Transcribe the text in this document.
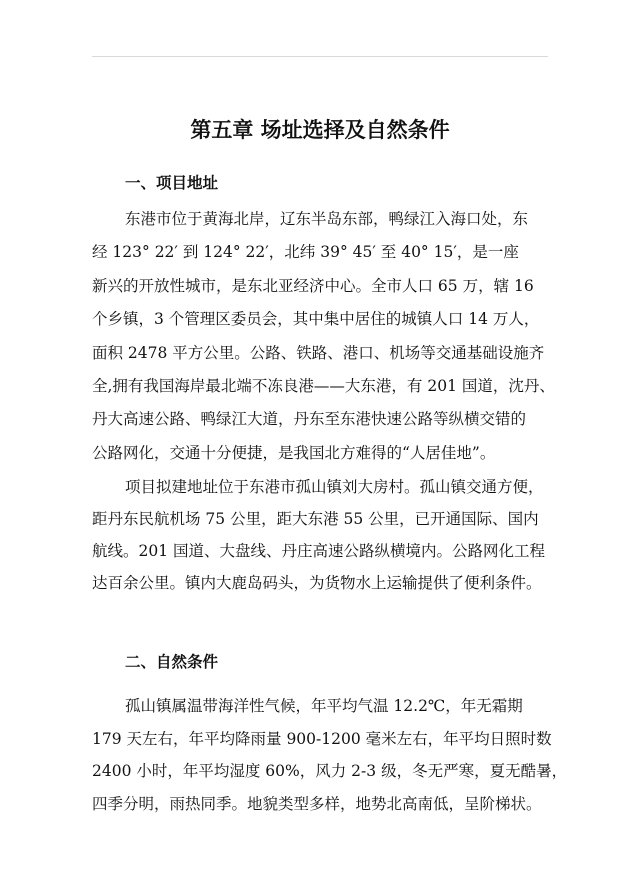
第五章 场址选择及自然条件
一、项目地址
东港市位于黄海北岸，辽东半岛东部，鸭绿江入海口处，东
经 123° 22′ 到 124° 22′，北纬 39° 45′ 至 40° 15′，是一座
新兴的开放性城市，是东北亚经济中心。全市人口 65 万，辖 16
个乡镇，3 个管理区委员会，其中集中居住的城镇人口 14 万人，
面积 2478 平方公里。公路、铁路、港口、机场等交通基础设施齐
全,拥有我国海岸最北端不冻良港——大东港，有 201 国道，沈丹、
丹大高速公路、鸭绿江大道，丹东至东港快速公路等纵横交错的
公路网化，交通十分便捷，是我国北方难得的“人居佳地”。
项目拟建地址位于东港市孤山镇刘大房村。孤山镇交通方便，
距丹东民航机场 75 公里，距大东港 55 公里，已开通国际、国内
航线。201 国道、大盘线、丹庄高速公路纵横境内。公路网化工程
达百余公里。镇内大鹿岛码头，为货物水上运输提供了便利条件。
二、自然条件
孤山镇属温带海洋性气候，年平均气温 12.2℃，年无霜期
179 天左右，年平均降雨量 900-1200 毫米左右，年平均日照时数
2400 小时，年平均湿度 60%，风力 2-3 级，冬无严寒，夏无酷暑，
四季分明，雨热同季。地貌类型多样，地势北高南低，呈阶梯状。
